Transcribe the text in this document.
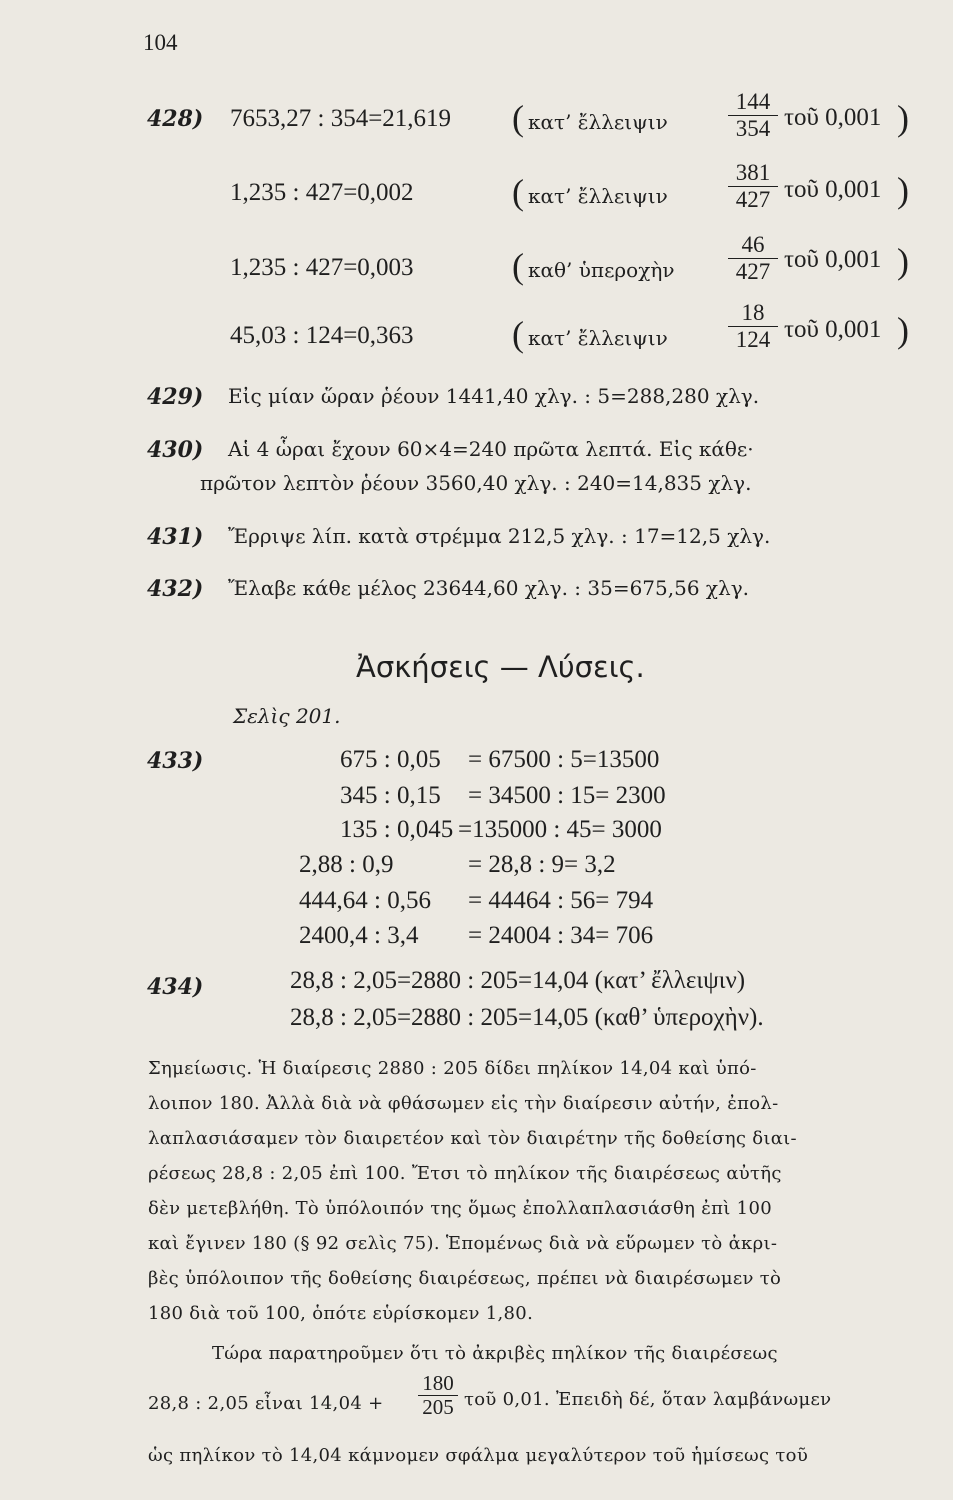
104
428) 7653,27 : 354=21,619 ( κατ’ ἔλλειψιν	$\frac{144}{354}$ τοῦ 0,001 )
1,235 : 427=0,002	( κατ’ ἔλλειψιν	$\frac{381}{427}$ τοῦ 0,001 )
1,235 : 427=0,003	( καθ’ ὑπεροχὴν $\frac{46}{427}$ τοῦ 0,001 )
45,03 : 124=0,363	( κατ’ ἔλλειψιν	$\frac{18}{124}$ τοῦ 0,001 )
429) Εἰς μίαν ὥραν ῥέουν 1441,40 χλγ. : 5=288,280 χλγ.
430) Αἱ 4 ὧραι ἔχουν 60×4=240 πρῶτα λεπτά. Εἰς κάθε·
πρῶτον λεπτὸν ῥέουν 3560,40 χλγ. : 240=14,835 χλγ.
431) Ἔρριψε λίπ. κατὰ στρέμμα 212,5 χλγ. : 17=12,5 χλγ.
432) Ἔλαβε κάθε μέλος 23644,60 χλγ. : 35=675,56 χλγ.
Ἀσκήσεις — Λύσεις.
Σελὶς 201.
433)	675 : 0,05 = 67500 : 5=13500
345 : 0,15 = 34500 : 15= 2300
135 : 0,045 =135000 : 45= 3000
2,88 : 0,9	= 28,8 : 9= 3,2
444,64 : 0,56 = 44464 : 56= 794
2400,4 : 3,4 = 24004 : 34= 706
434)	28,8 : 2,05=2880 : 205=14,04 (κατ’ ἔλλειψιν)
28,8 : 2,05=2880 : 205=14,05 (καθ’ ὑπεροχὴν).
Σημείωσις. Ἡ διαίρεσις 2880 : 205 δίδει πηλίκον 14,04 καὶ ὑπό-
λοιπον 180. Ἀλλὰ διὰ νὰ φθάσωμεν εἰς τὴν διαίρεσιν αὐτήν, ἐπολ-
λαπλασιάσαμεν τὸν διαιρετέον καὶ τὸν διαιρέτην τῆς δοθείσης διαι-
ρέσεως 28,8 : 2,05 ἐπὶ 100. Ἔτσι τὸ πηλίκον τῆς διαιρέσεως αὐτῆς
δὲν μετεβλήθη. Τὸ ὑπόλοιπόν της ὅμως ἐπολλαπλασιάσθη ἐπὶ 100
καὶ ἔγινεν 180 (§ 92 σελὶς 75). Ἑπομένως διὰ νὰ εὕρωμεν τὸ ἀκρι-
βὲς ὑπόλοιπον τῆς δοθείσης διαιρέσεως, πρέπει νὰ διαιρέσωμεν τὸ
180 διὰ τοῦ 100, ὁπότε εὑρίσκομεν 1,80.
Τώρα παρατηροῦμεν ὅτι τὸ ἀκριβὲς πηλίκον τῆς διαιρέσεως
28,8 : 2,05 εἶναι $14,04 + \frac{180}{205}$ τοῦ 0,01. Ἐπειδὴ δέ, ὅταν λαμβάνωμεν
ὡς πηλίκον τὸ 14,04 κάμνομεν σφάλμα μεγαλύτερον τοῦ ἡμίσεως τοῦ
